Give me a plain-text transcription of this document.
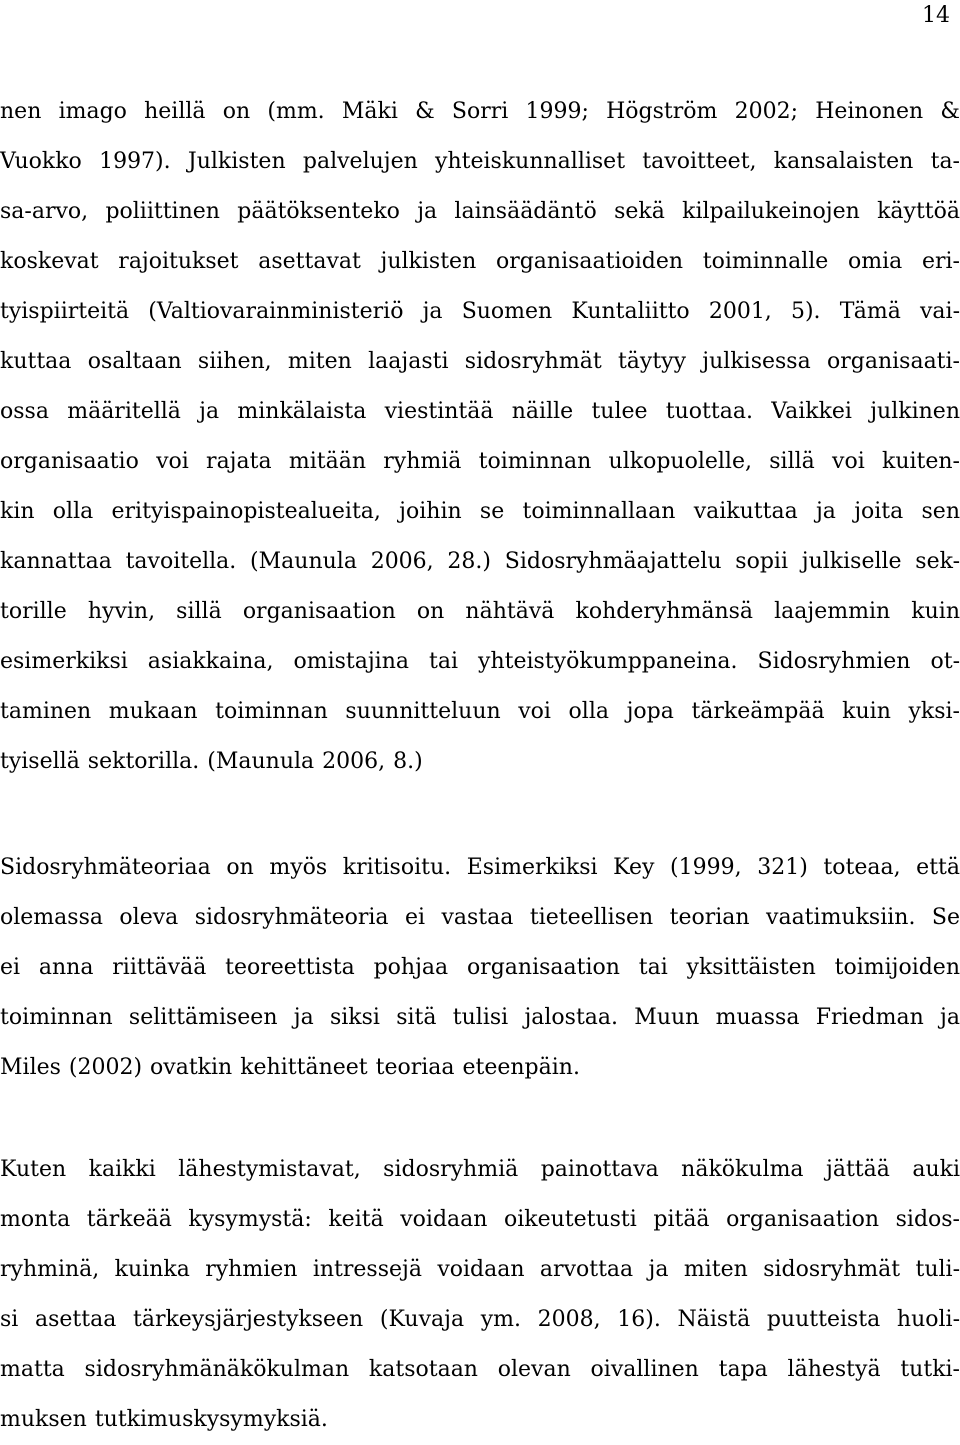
14
nen imago heillä on (mm. Mäki & Sorri 1999; Högström 2002; Heinonen &
Vuokko 1997). Julkisten palvelujen yhteiskunnalliset tavoitteet, kansalaisten ta-
sa-arvo, poliittinen päätöksenteko ja lainsäädäntö sekä kilpailukeinojen käyttöä
koskevat rajoitukset asettavat julkisten organisaatioiden toiminnalle omia eri-
tyispiirteitä (Valtiovarainministeriö ja Suomen Kuntaliitto 2001, 5). Tämä vai-
kuttaa osaltaan siihen, miten laajasti sidosryhmät täytyy julkisessa organisaati-
ossa määritellä ja minkälaista viestintää näille tulee tuottaa. Vaikkei julkinen
organisaatio voi rajata mitään ryhmiä toiminnan ulkopuolelle, sillä voi kuiten-
kin olla erityispainopistealueita, joihin se toiminnallaan vaikuttaa ja joita sen
kannattaa tavoitella. (Maunula 2006, 28.) Sidosryhmäajattelu sopii julkiselle sek-
torille hyvin, sillä organisaation on nähtävä kohderyhmänsä laajemmin kuin
esimerkiksi asiakkaina, omistajina tai yhteistyökumppaneina. Sidosryhmien ot-
taminen mukaan toiminnan suunnitteluun voi olla jopa tärkeämpää kuin yksi-
tyisellä sektorilla. (Maunula 2006, 8.)
Sidosryhmäteoriaa on myös kritisoitu. Esimerkiksi Key (1999, 321) toteaa, että
olemassa oleva sidosryhmäteoria ei vastaa tieteellisen teorian vaatimuksiin. Se
ei anna riittävää teoreettista pohjaa organisaation tai yksittäisten toimijoiden
toiminnan selittämiseen ja siksi sitä tulisi jalostaa. Muun muassa Friedman ja
Miles (2002) ovatkin kehittäneet teoriaa eteenpäin.
Kuten kaikki lähestymistavat, sidosryhmiä painottava näkökulma jättää auki
monta tärkeää kysymystä: keitä voidaan oikeutetusti pitää organisaation sidos-
ryhminä, kuinka ryhmien intressejä voidaan arvottaa ja miten sidosryhmät tuli-
si asettaa tärkeysjärjestykseen (Kuvaja ym. 2008, 16). Näistä puutteista huoli-
matta sidosryhmänäkökulman katsotaan olevan oivallinen tapa lähestyä tutki-
muksen tutkimuskysymyksiä.
